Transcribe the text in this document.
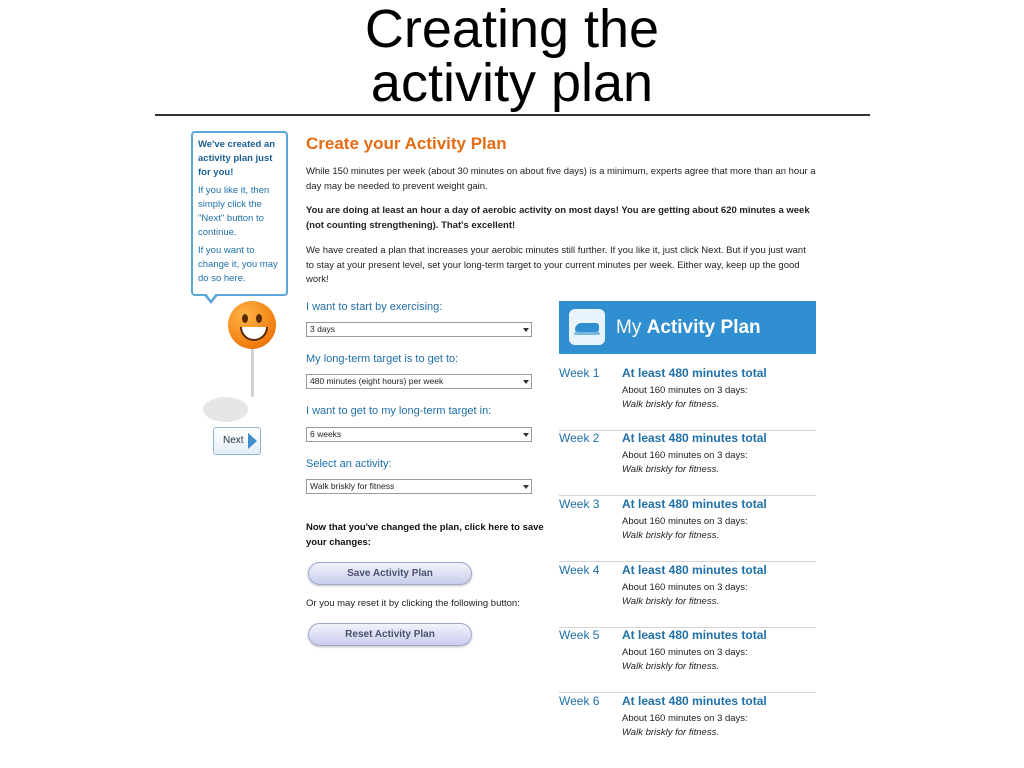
Creating the
activity plan

We've created an activity plan just for you!

If you like it, then simply click the "Next" button to continue.

If you want to change it, you may do so here.

Next
Create your Activity Plan
While 150 minutes per week (about 30 minutes on about five days) is a minimum, experts agree that more than an hour a day may be needed to prevent weight gain.
You are doing at least an hour a day of aerobic activity on most days! You are getting about 620 minutes a week (not counting strengthening). That's excellent!
We have created a plan that increases your aerobic minutes still further. If you like it, just click Next. But if you just want to stay at your present level, set your long-term target to your current minutes per week. Either way, keep up the good work!
I want to start by exercising:
3 days
My long-term target is to get to:
480 minutes (eight hours) per week
I want to get to my long-term target in:
6 weeks
Select an activity:
Walk briskly for fitness
Now that you've changed the plan, click here to save your changes:
Save Activity Plan
Or you may reset it by clicking the following button:
Reset Activity Plan
My Activity Plan
Week 1 At least 480 minutes total
About 160 minutes on 3 days:
Walk briskly for fitness.
Week 2 At least 480 minutes total
About 160 minutes on 3 days:
Walk briskly for fitness.
Week 3 At least 480 minutes total
About 160 minutes on 3 days:
Walk briskly for fitness.
Week 4 At least 480 minutes total
About 160 minutes on 3 days:
Walk briskly for fitness.
Week 5 At least 480 minutes total
About 160 minutes on 3 days:
Walk briskly for fitness.
Week 6 At least 480 minutes total
About 160 minutes on 3 days:
Walk briskly for fitness.
